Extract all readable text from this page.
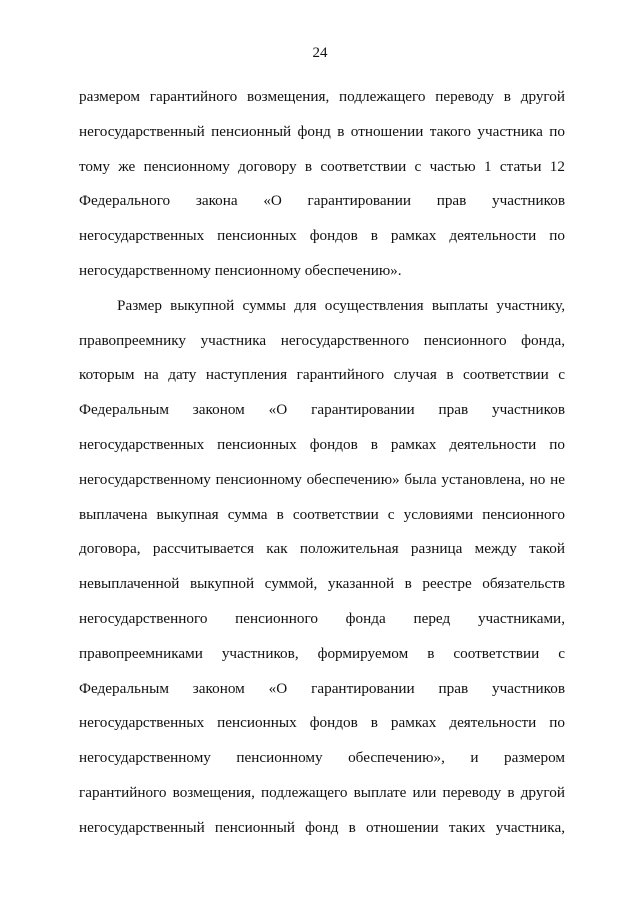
24
размером гарантийного возмещения, подлежащего переводу в другой
негосударственный пенсионный фонд в отношении такого участника по
тому же пенсионному договору в соответствии с частью 1 статьи 12
Федерального закона «О гарантировании прав участников
негосударственных пенсионных фондов в рамках деятельности по
негосударственному пенсионному обеспечению».
Размер выкупной суммы для осуществления выплаты участнику,
правопреемнику участника негосударственного пенсионного фонда,
которым на дату наступления гарантийного случая в соответствии с
Федеральным законом «О гарантировании прав участников
негосударственных пенсионных фондов в рамках деятельности по
негосударственному пенсионному обеспечению» была установлена, но не
выплачена выкупная сумма в соответствии с условиями пенсионного
договора, рассчитывается как положительная разница между такой
невыплаченной выкупной суммой, указанной в реестре обязательств
негосударственного пенсионного фонда перед участниками,
правопреемниками участников, формируемом в соответствии с
Федеральным законом «О гарантировании прав участников
негосударственных пенсионных фондов в рамках деятельности по
негосударственному пенсионному обеспечению», и размером
гарантийного возмещения, подлежащего выплате или переводу в другой
негосударственный пенсионный фонд в отношении таких участника,
